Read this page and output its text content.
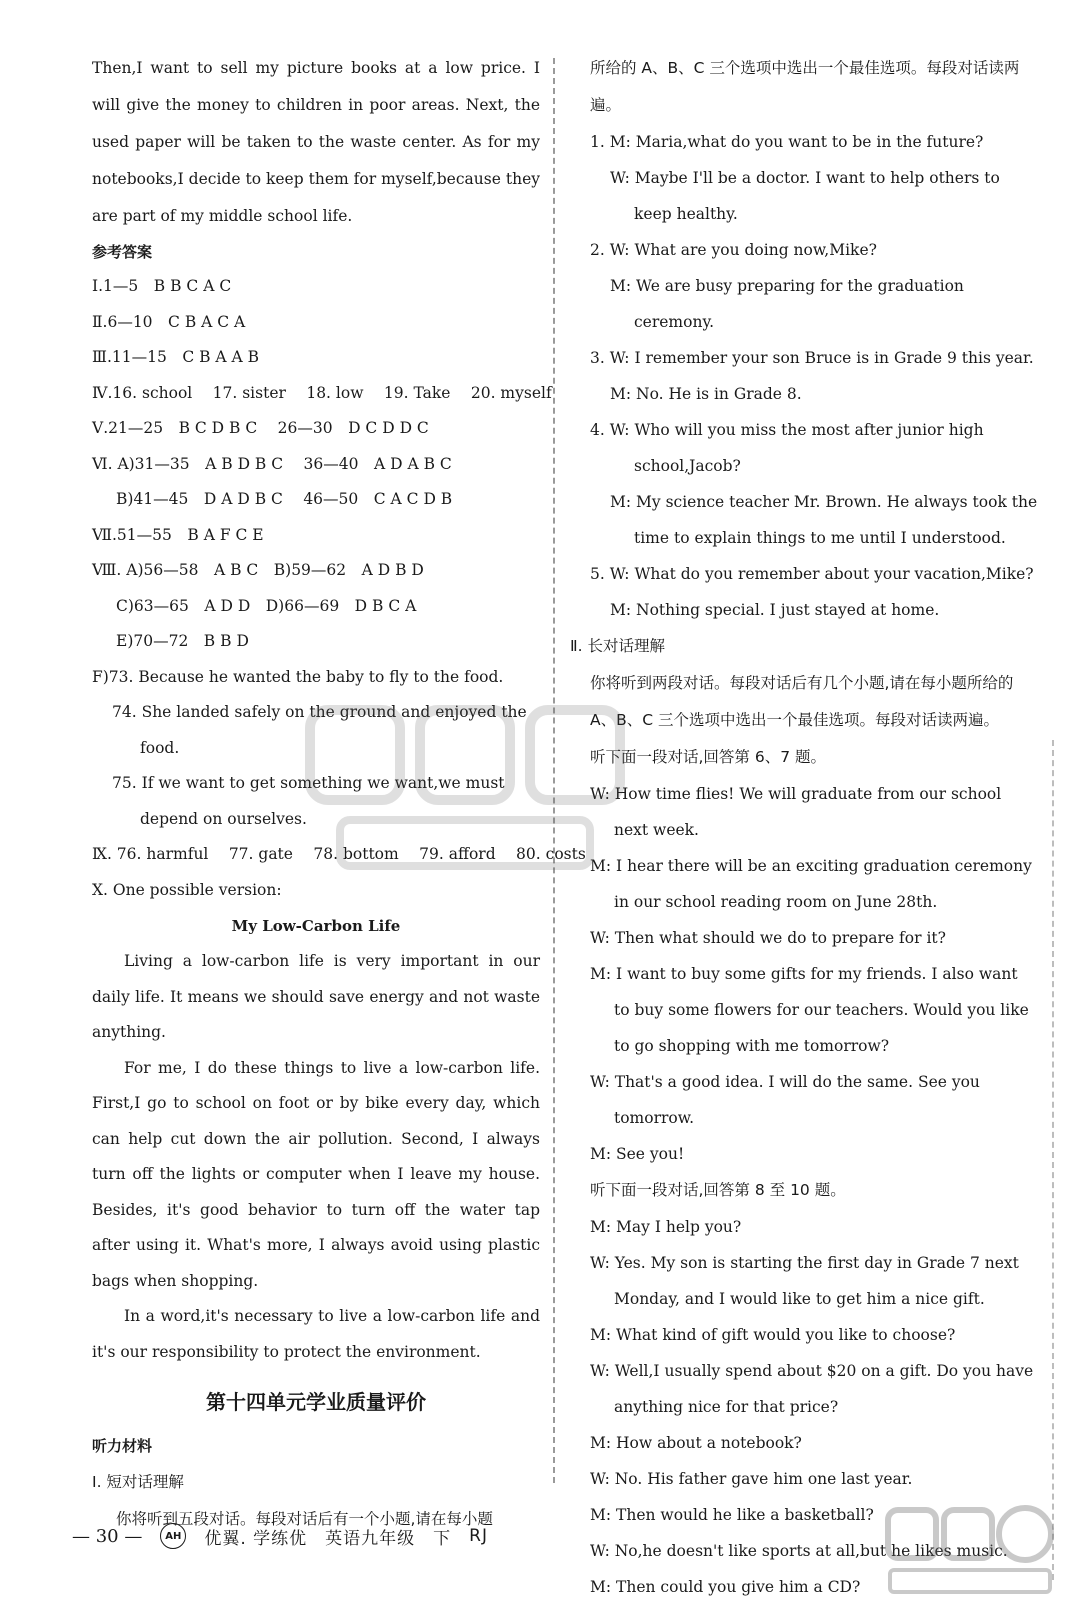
Then,I want to sell my picture books at a low price. I will give the money to children in poor areas. Next, the used paper will be taken to the waste center. As for my notebooks,I decide to keep them for myself,because they are part of my middle school life.

参考答案
Ⅰ.1—5　B B C A C
Ⅱ.6—10　C B A C A
Ⅲ.11—15　C B A A B
Ⅳ.16. school　 17. sister　 18. low　 19. Take　 20. myself
Ⅴ.21—25　B C D B C　 26—30　D C D D C
Ⅵ. A)31—35　A B D B C　 36—40　A D A B C
B)41—45　D A D B C　 46—50　C A C D B
Ⅶ.51—55　B A F C E
Ⅷ. A)56—58　A B C　B)59—62　A D B D
C)63—65　A D D　D)66—69　D B C A
E)70—72　B B D
F)73. Because he wanted the baby to fly to the food.
74. She landed safely on the ground and enjoyed the food.
75. If we want to get something we want,we must depend on ourselves.
Ⅸ. 76. harmful　 77. gate　 78. bottom　 79. afford　 80. costs
Ⅹ. One possible version:
My Low-Carbon Life

Living a low-carbon life is very important in our daily life. It means we should save energy and not waste anything.

For me, I do these things to live a low-carbon life. First,I go to school on foot or by bike every day, which can help cut down the air pollution. Second, I always turn off the lights or computer when I leave my house. Besides, it's good behavior to turn off the water tap after using it. What's more, I always avoid using plastic bags when shopping.

In a word,it's necessary to live a low-carbon life and it's our responsibility to protect the environment.

第十四单元学业质量评价
听力材料
Ⅰ. 短对话理解
你将听到五段对话。每段对话后有一个小题,请在每小题
所给的 A、B、C 三个选项中选出一个最佳选项。每段对话读两遍。
1. M: Maria,what do you want to be in the future?
W: Maybe I'll be a doctor. I want to help others to keep healthy.
2. W: What are you doing now,Mike?
M: We are busy preparing for the graduation ceremony.
3. W: I remember your son Bruce is in Grade 9 this year.
M: No. He is in Grade 8.
4. W: Who will you miss the most after junior high school,Jacob?
M: My science teacher Mr. Brown. He always took the time to explain things to me until I understood.
5. W: What do you remember about your vacation,Mike?
M: Nothing special. I just stayed at home.
Ⅱ. 长对话理解
你将听到两段对话。每段对话后有几个小题,请在每小题所给的 A、B、C 三个选项中选出一个最佳选项。每段对话读两遍。
听下面一段对话,回答第 6、7 题。
W: How time flies! We will graduate from our school next week.
M: I hear there will be an exciting graduation ceremony in our school reading room on June 28th.
W: Then what should we do to prepare for it?
M: I want to buy some gifts for my friends. I also want to buy some flowers for our teachers. Would you like to go shopping with me tomorrow?
W: That's a good idea. I will do the same. See you tomorrow.
M: See you!
听下面一段对话,回答第 8 至 10 题。
M: May I help you?
W: Yes. My son is starting the first day in Grade 7 next Monday, and I would like to get him a nice gift.
M: What kind of gift would you like to choose?
W: Well,I usually spend about $20 on a gift. Do you have anything nice for that price?
M: How about a notebook?
W: No. His father gave him one last year.
M: Then would he like a basketball?
W: No,he doesn't like sports at all,but he likes music.
M: Then could you give him a CD?
— 30 —	AH 优翼. 学练优 英语九年级 下 RJ
